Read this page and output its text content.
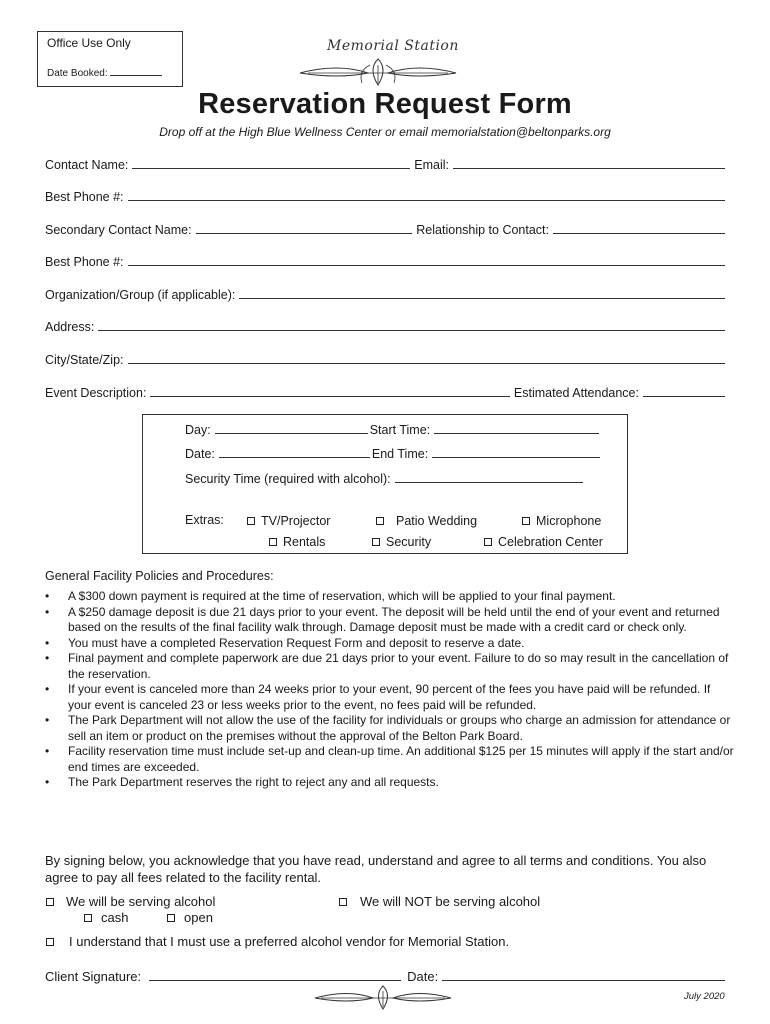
Office Use Only
Date Booked:
Memorial Station
Reservation Request Form
Drop off at the High Blue Wellness Center or email memorialstation@beltonparks.org
Contact Name:	Email:
Best Phone #:
Secondary Contact Name:	Relationship to Contact:
Best Phone #:
Organization/Group (if applicable):
Address:
City/State/Zip:
Event Description:	Estimated Attendance:
Day:	Start Time:
Date:	End Time:
Security Time (required with alcohol):
Extras:	TV/Projector	Patio Wedding	Microphone
Rentals	Security	Celebration Center
General Facility Policies and Procedures:
• A $300 down payment is required at the time of reservation, which will be applied to your final payment.
• A $250 damage deposit is due 21 days prior to your event. The deposit will be held until the end of your event and returned based on the results of the final facility walk through. Damage deposit must be made with a credit card or check only.
• You must have a completed Reservation Request Form and deposit to reserve a date.
• Final payment and complete paperwork are due 21 days prior to your event. Failure to do so may result in the cancellation of the reservation.
• If your event is canceled more than 24 weeks prior to your event, 90 percent of the fees you have paid will be refunded. If your event is canceled 23 or less weeks prior to the event, no fees paid will be refunded.
• The Park Department will not allow the use of the facility for individuals or groups who charge an admission for attendance or sell an item or product on the premises without the approval of the Belton Park Board.
• Facility reservation time must include set-up and clean-up time. An additional $125 per 15 minutes will apply if the start and/or end times are exceeded.
• The Park Department reserves the right to reject any and all requests.
By signing below, you acknowledge that you have read, understand and agree to all terms and conditions. You also agree to pay all fees related to the facility rental.
We will be serving alcohol
cash	open
We will NOT be serving alcohol
I understand that I must use a preferred alcohol vendor for Memorial Station.
Client Signature:	Date:
July 2020
